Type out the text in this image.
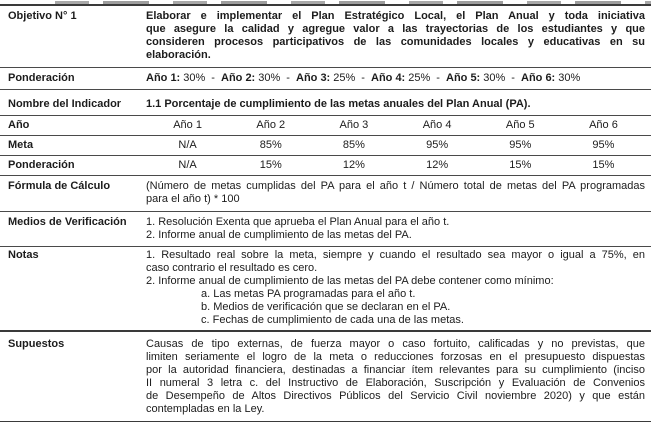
Objetivo N° 1	Elaborar e implementar el Plan Estratégico Local, el Plan Anual y toda iniciativa
que asegure la calidad y agregue valor a las trayectorias de los estudiantes y que
consideren procesos participativos de las comunidades locales y educativas en su
elaboración.
Ponderación	Año 1: 30% - Año 2: 30% - Año 3: 25% - Año 4: 25% - Año 5: 30% - Año 6: 30%
Nombre del Indicador	1.1 Porcentaje de cumplimiento de las metas anuales del Plan Anual (PA).
Año	Año 1	Año 2	Año 3	Año 4	Año 5	Año 6
Meta	N/A	85%	85%	95%	95%	95%
Ponderación	N/A	15%	12%	12%	15%	15%
Fórmula de Cálculo	(Número de metas cumplidas del PA para el año t / Número total de metas del PA programadas
para el año t) * 100
Medios de Verificación	1. Resolución Exenta que aprueba el Plan Anual para el año t.
2. Informe anual de cumplimiento de las metas del PA.
Notas	1. Resultado real sobre la meta, siempre y cuando el resultado sea mayor o igual a 75%, en
caso contrario el resultado es cero.
2. Informe anual de cumplimiento de las metas del PA debe contener como mínimo:
a. Las metas PA programadas para el año t.
b. Medios de verificación que se declaran en el PA.
c. Fechas de cumplimiento de cada una de las metas.
Supuestos	Causas de tipo externas, de fuerza mayor o caso fortuito, calificadas y no previstas, que
limiten seriamente el logro de la meta o reducciones forzosas en el presupuesto dispuestas
por la autoridad financiera, destinadas a financiar ítem relevantes para su cumplimiento (inciso
II numeral 3 letra c. del Instructivo de Elaboración, Suscripción y Evaluación de Convenios
de Desempeño de Altos Directivos Públicos del Servicio Civil noviembre 2020) y que están
contempladas en la Ley.
